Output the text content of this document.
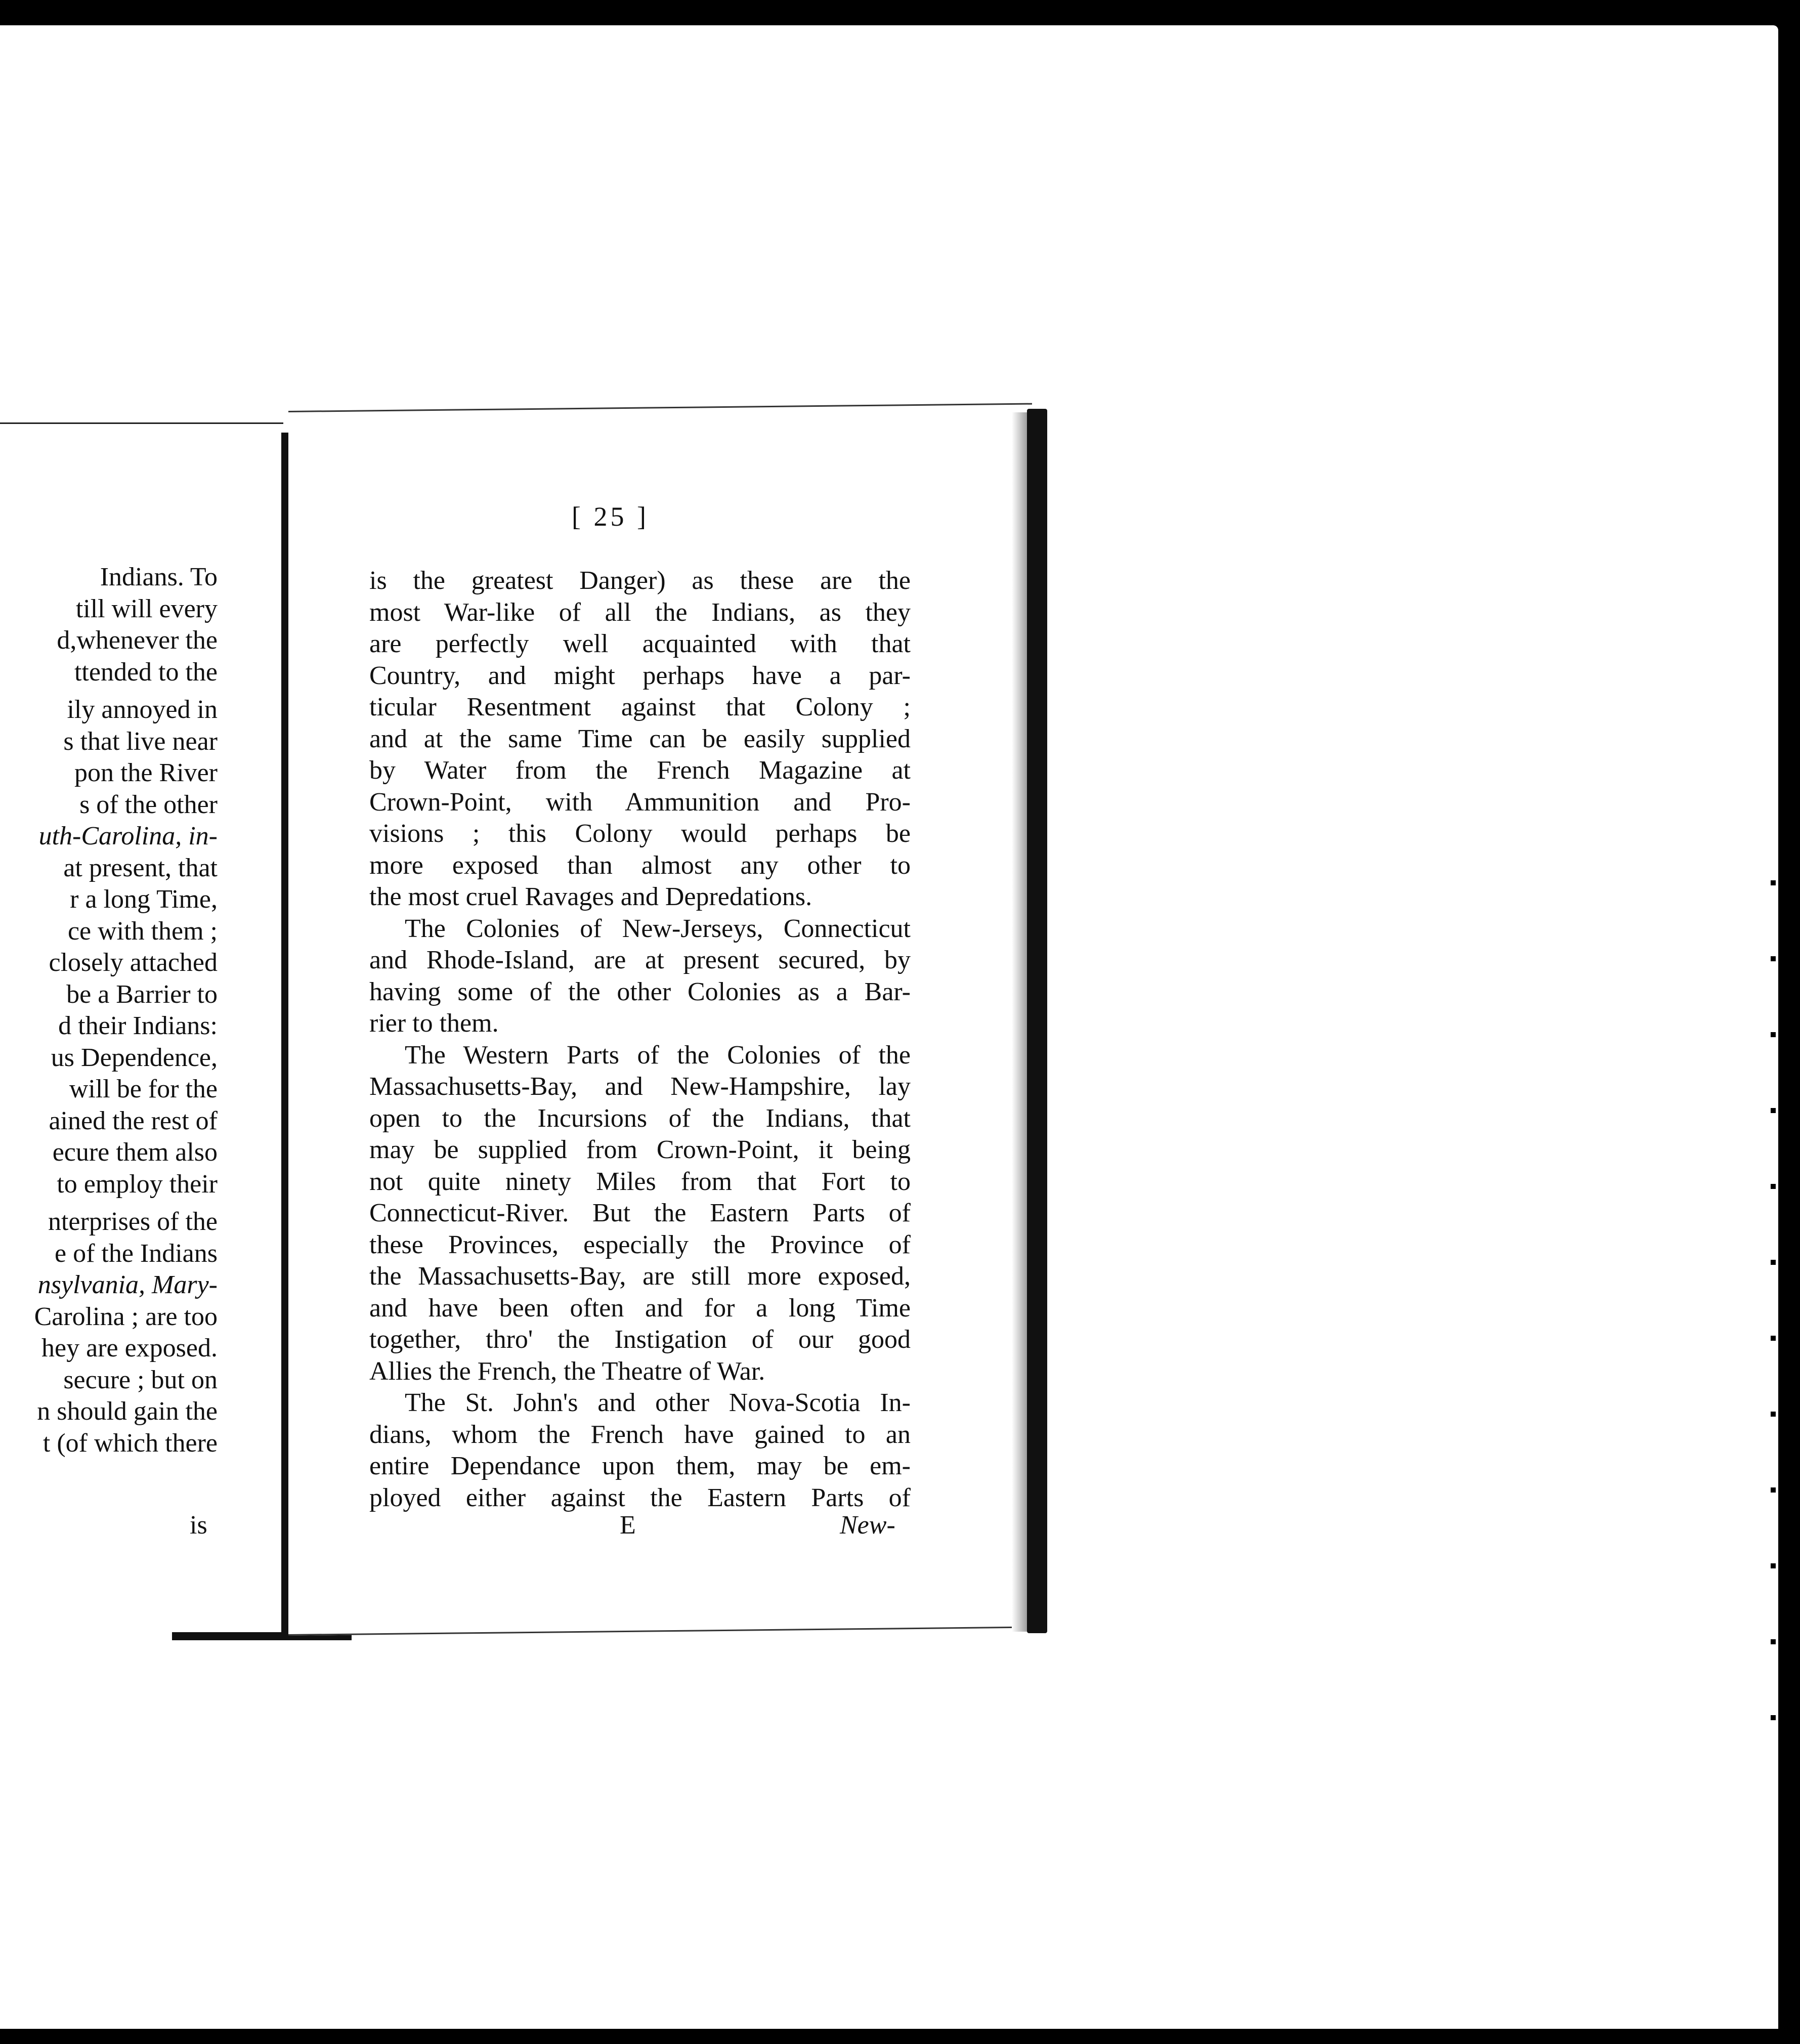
Indians. To
till will every
d,whenever the
ttended to the
ily annoyed in
s that live near
pon the River
s of the other
uth-Carolina, in-
at present, that
r a long Time,
ce with them ;
closely attached
be a Barrier to
d their Indians:
us Dependence,
will be for the
ained the rest of
ecure them also
to employ their
nterprises of the
e of the Indians
nsylvania, Mary-
Carolina ; are too
hey are exposed.
secure ; but on
n should gain the
t (of which there
is
[ 25 ]
is the greatest Danger) as these are the
most War-like of all the Indians, as they
are perfectly well acquainted with that
Country, and might perhaps have a par-
ticular Resentment against that Colony ;
and at the same Time can be easily supplied
by Water from the French Magazine at
Crown-Point, with Ammunition and Pro-
visions ; this Colony would perhaps be
more exposed than almost any other to
the most cruel Ravages and Depredations.
The Colonies of New-Jerseys, Connecticut
and Rhode-Island, are at present secured, by
having some of the other Colonies as a Bar-
rier to them.
The Western Parts of the Colonies of the
Massachusetts-Bay, and New-Hampshire, lay
open to the Incursions of the Indians, that
may be supplied from Crown-Point, it being
not quite ninety Miles from that Fort to
Connecticut-River. But the Eastern Parts of
these Provinces, especially the Province of
the Massachusetts-Bay, are still more exposed,
and have been often and for a long Time
together, thro' the Instigation of our good
Allies the French, the Theatre of War.
The St. John's and other Nova-Scotia In-
dians, whom the French have gained to an
entire Dependance upon them, may be em-
ployed either against the Eastern Parts of
E	New-
